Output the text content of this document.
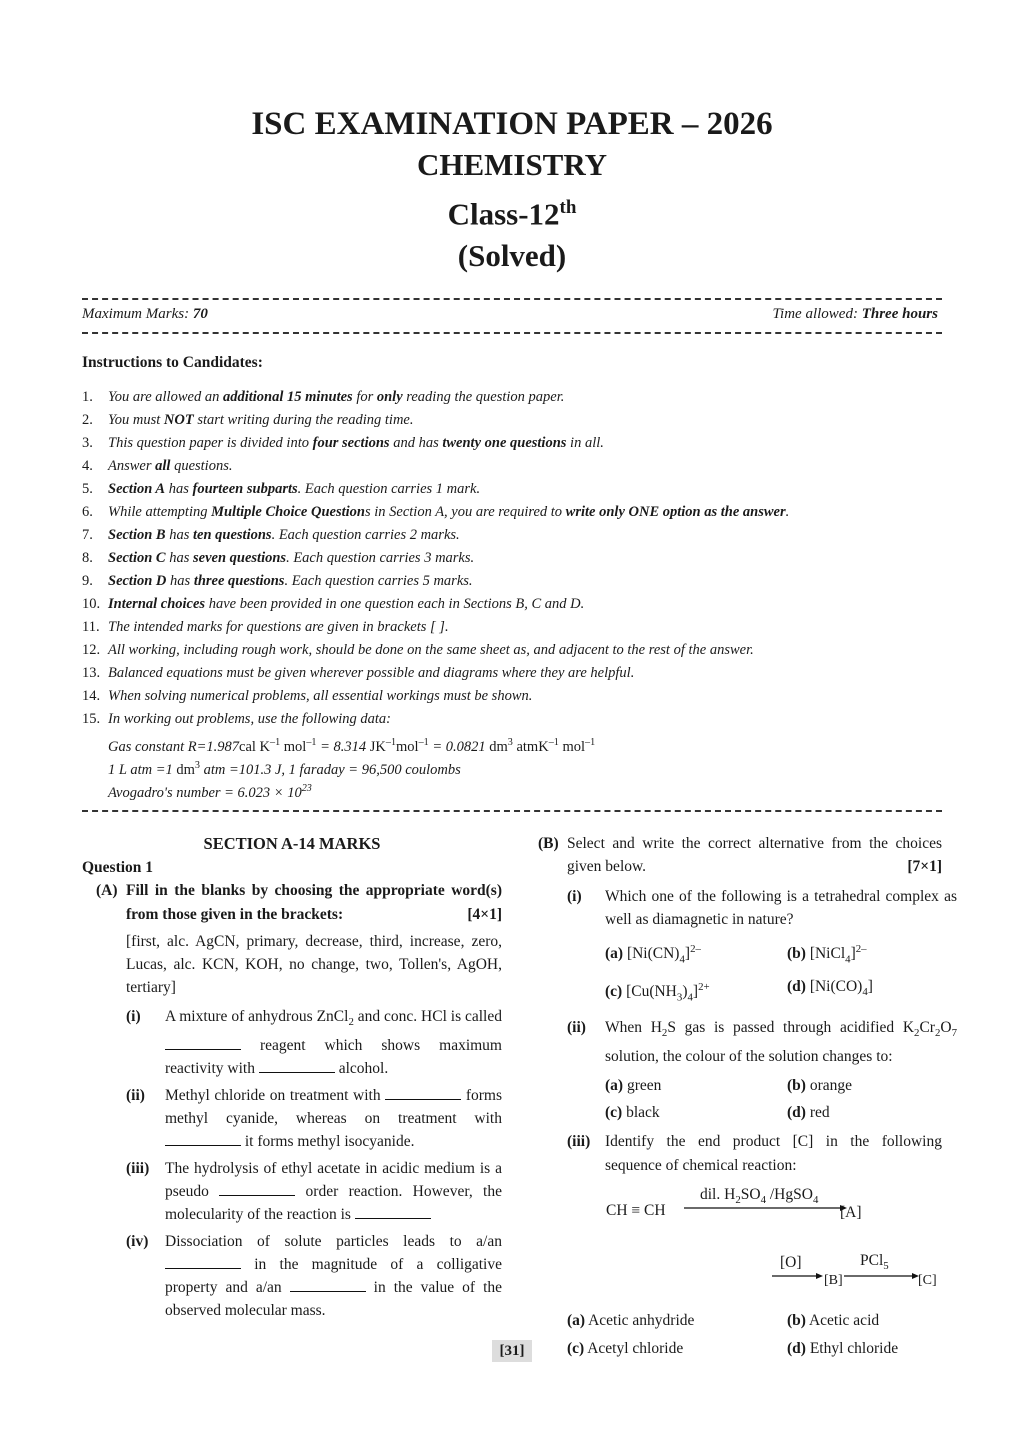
ISC EXAMINATION PAPER – 2026
CHEMISTRY
Class-12th
(Solved)
Maximum Marks: 70	Time allowed: Three hours
Instructions to Candidates:
1.	You are allowed an additional 15 minutes for only reading the question paper.
2.	You must NOT start writing during the reading time.
3.	This question paper is divided into four sections and has twenty one questions in all.
4.	Answer all questions.
5.	Section A has fourteen subparts. Each question carries 1 mark.
6.	While attempting Multiple Choice Questions in Section A, you are required to write only ONE option as the answer.
7.	Section B has ten questions. Each question carries 2 marks.
8.	Section C has seven questions. Each question carries 3 marks.
9.	Section D has three questions. Each question carries 5 marks.
10. Internal choices have been provided in one question each in Sections B, C and D.
11. The intended marks for questions are given in brackets [ ].
12. All working, including rough work, should be done on the same sheet as, and adjacent to the rest of the answer.
13. Balanced equations must be given wherever possible and diagrams where they are helpful.
14. When solving numerical problems, all essential workings must be shown.
15. In working out problems, use the following data:
Gas constant R=1.987cal $K^{-1}$ mol$^{-1}$ = 8.314 $JK^{-1}mol^{-1} = 0.0821$ $dm^3$ atmK$^{-1}$ mol$^{-1}$
1 L atm =1 $dm^3$ atm =101.3 J, 1 faraday = 96,500 coulombs
Avogadro's number = $6.023 \times 10^{23}$
SECTION A-14 MARKS
Question 1
(A) Fill in the blanks by choosing the appropriate word(s) from those given in the brackets:	[4×1]
[first, alc. AgCN, primary, decrease, third, increase, zero, Lucas, alc. KCN, KOH, no change, two, Tollen's, AgOH, tertiary]
(i)	A mixture of anhydrous ZnCl$_2$ and conc. HCl is called  reagent which shows maximum reactivity with	alcohol.
(ii)	Methyl chloride on treatment with	forms methyl cyanide, whereas on treatment with  it forms methyl isocyanide.
(iii)	The hydrolysis of ethyl acetate in acidic medium is a pseudo	order reaction. However, the molecularity of the reaction is
(iv)	Dissociation of solute particles leads to a/an  in the magnitude of a colligative property and a/an	in the value of the observed molecular mass.
(B) Select and write the correct alternative from the choices given below.	[7×1]
(i)	Which one of the following is a tetrahedral complex as well as diamagnetic in nature?
(a) $[Ni(CN)_4]^{2-}$	(b) [NiCl$_4$]$^{2-}$
(c) $[Cu(NH_3)_4]^{2+}$	(d) $[Ni(CO)_4]$
(ii)	When $H_2S$ gas is passed through acidified $K_2Cr_2O_7$ solution, the colour of the solution changes to:
(a) green	(b) orange
(c) black	(d) red
(iii) Identify the end product [C] in the following sequence of chemical reaction:
CH ≡ CH
dil. $H_2SO_4$ /HgSO$_4$
[A]
[O]
[B]
PCl$_5$
[C]
(a) Acetic anhydride	(b) Acetic acid
(c) Acetyl chloride	(d) Ethyl chloride
[31]
